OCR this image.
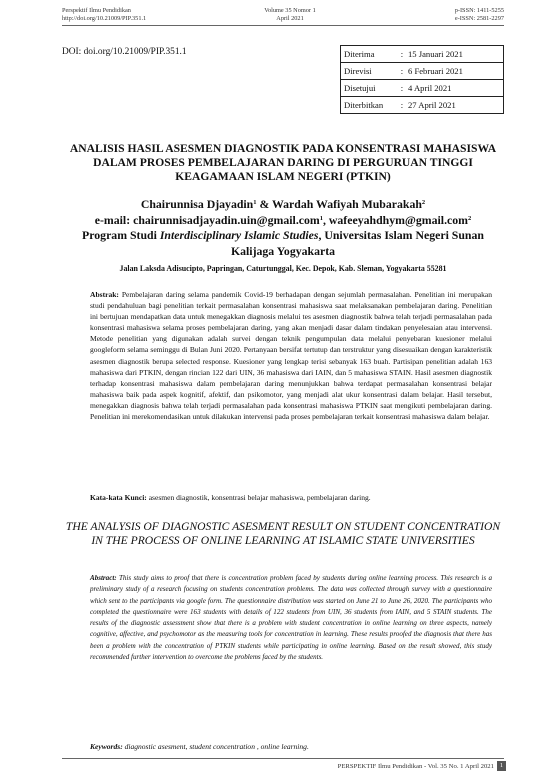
Perspektif Ilmu Pendidikan
http://doi.org/10.21009/PIP.351.1
Volume 35 Nomor 1
April 2021
p-ISSN: 1411-5255
e-ISSN: 2581-2297
DOI: doi.org/10.21009/PIP.351.1	Diterima	:	15 Januari 2021
Direvisi	:	6 Februari 2021
Disetujui	:	4 April 2021
Diterbitkan	:	27 April 2021
ANALISIS HASIL ASESMEN DIAGNOSTIK PADA KONSENTRASI MAHASISWA DALAM PROSES PEMBELAJARAN DARING DI PERGURUAN TINGGI KEAGAMAAN ISLAM NEGERI (PTKIN)
Chairunnisa Djayadin$^1$ & Wardah Wafiyah Mubarakah$^2$
e-mail: chairunnisadjayadin.uin@gmail.com$^1$, wafeeyahdhym@gmail.com$^2$
Program Studi Interdisciplinary Islamic Studies, Universitas Islam Negeri Sunan Kalijaga Yogyakarta
Jalan Laksda Adisucipto, Papringan, Caturtunggal, Kec. Depok, Kab. Sleman, Yogyakarta 55281
Abstrak: Pembelajaran daring selama pandemik Covid-19 berhadapan dengan sejumlah permasalahan. Penelitian ini merupakan studi pendahuluan bagi penelitian terkait permasalahan konsentrasi mahasiswa saat melaksanakan pembelajaran daring. Penelitian ini bertujuan mendapatkan data untuk menegakkan diagnosis melalui tes asesmen diagnostik bahwa telah terjadi permasalahan pada konsentrasi mahasiswa selama proses pembelajaran daring, yang akan menjadi dasar dalam tindakan penyelesaian atau intervensi. Metode penelitian yang digunakan adalah survei dengan teknik pengumpulan data melalui penyebaran kuesioner melalui googleform selama seminggu di Bulan Juni 2020. Pertanyaan bersifat tertutup dan terstruktur yang disesuaikan dengan karakteristik asesmen diagnostik berupa selected response. Kuesioner yang lengkap terisi sebanyak 163 buah. Partisipan penelitian adalah 163 mahasiswa dari PTKIN, dengan rincian 122 dari UIN, 36 mahasiswa dari IAIN, dan 5 mahasiswa STAIN. Hasil asesmen diagnostik terhadap konsentrasi mahasiswa dalam pembelajaran daring menunjukkan bahwa terdapat permasalahan konsentrasi belajar mahasiswa baik pada aspek kognitif, afektif, dan psikomotor, yang menjadi alat ukur konsentrasi dalam belajar. Hasil tersebut, menegakkan diagnosis bahwa telah terjadi permasalahan pada konsentrasi mahasiswa PTKIN saat mengikuti pembelajaran daring. Penelitian ini merekomendasikan untuk dilakukan intervensi pada proses pembelajaran terkait konsentrasi mahasiswa dalam belajar.
Kata-kata Kunci: asesmen diagnostik, konsentrasi belajar mahasiswa, pembelajaran daring.
THE ANALYSIS OF DIAGNOSTIC ASESMENT RESULT ON STUDENT CONCENTRATION IN THE PROCESS OF ONLINE LEARNING AT ISLAMIC STATE UNIVERSITIES
Abstract: This study aims to proof that there is concentration problem faced by students during online learning process. This research is a preliminary study of a research focusing on students concentration problems. The data was collected through survey with a questionnaire which sent to the participants via google form. The questionnaire distribution was started on June 21 to June 26, 2020. The participants who completed the questionnaire were 163 students with details of 122 students from UIN, 36 students from IAIN, and 5 STAIN students. The results of the diagnostic assessment show that there is a problem with student concentration in online learning on three aspects, namely cognitive, affective, and psychomotor as the measuring tools for concentration in learning. These results proofed the diagnosis that there has been a problem with the concentration of PTKIN students while participating in online learning. Based on the result showed, this study recommended further intervention to overcome the problems faced by the students.
Keywords: diagnostic asesment, student concentration , online learning.
PERSPEKTIF Ilmu Pendidikan - Vol. 35 No. 1 April 2021 1
